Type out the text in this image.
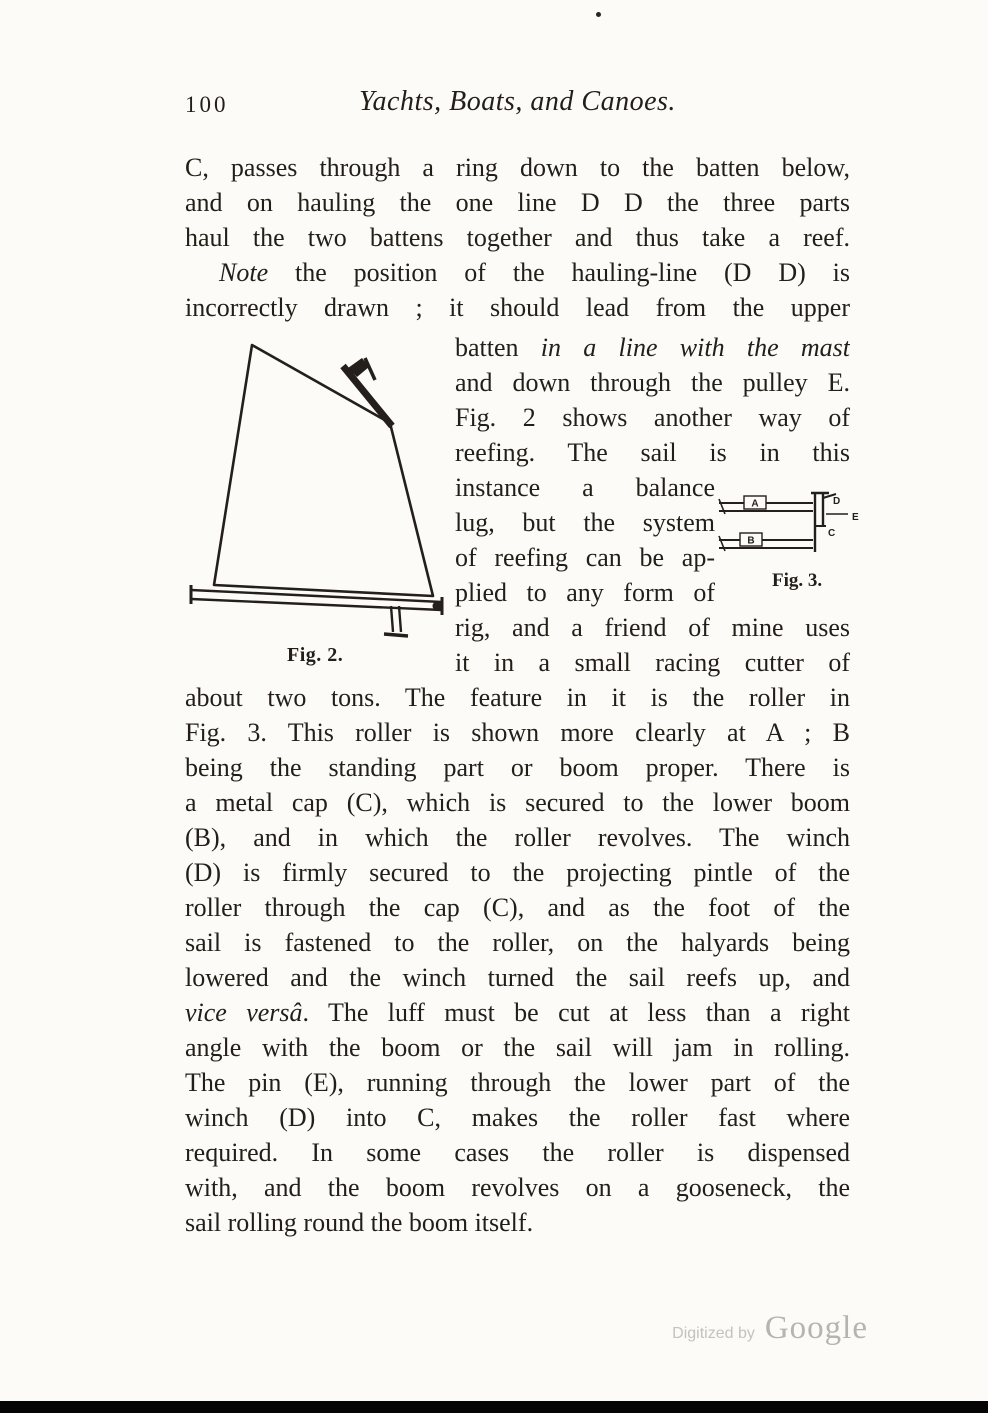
100	Yachts, Boats, and Canoes.
C, passes through a ring down to the batten below,
and on hauling the one line D D the three parts
haul the two battens together and thus take a reef.
Note the position of the hauling-line (D D) is
incorrectly drawn ; it should lead from the upper
Fig. 2.
batten in a line with the mast
and down through the pulley E.
Fig. 2 shows another way of
reefing. The sail is in this
instance a balance
lug, but the system
of reefing can be ap-
plied to any form of
rig, and a friend of mine uses
it in a small racing cutter of
A
B
D
E
C
Fig. 3.
about two tons. The feature in it is the roller in
Fig. 3. This roller is shown more clearly at A ; B
being the standing part or boom proper. There is
a metal cap (C), which is secured to the lower boom
(B), and in which the roller revolves. The winch
(D) is firmly secured to the projecting pintle of the
roller through the cap (C), and as the foot of the
sail is fastened to the roller, on the halyards being
lowered and the winch turned the sail reefs up, and
vice versâ. The luff must be cut at less than a right
angle with the boom or the sail will jam in rolling.
The pin (E), running through the lower part of the
winch (D) into C, makes the roller fast where
required. In some cases the roller is dispensed
with, and the boom revolves on a gooseneck, the
sail rolling round the boom itself.
Digitized by Google
